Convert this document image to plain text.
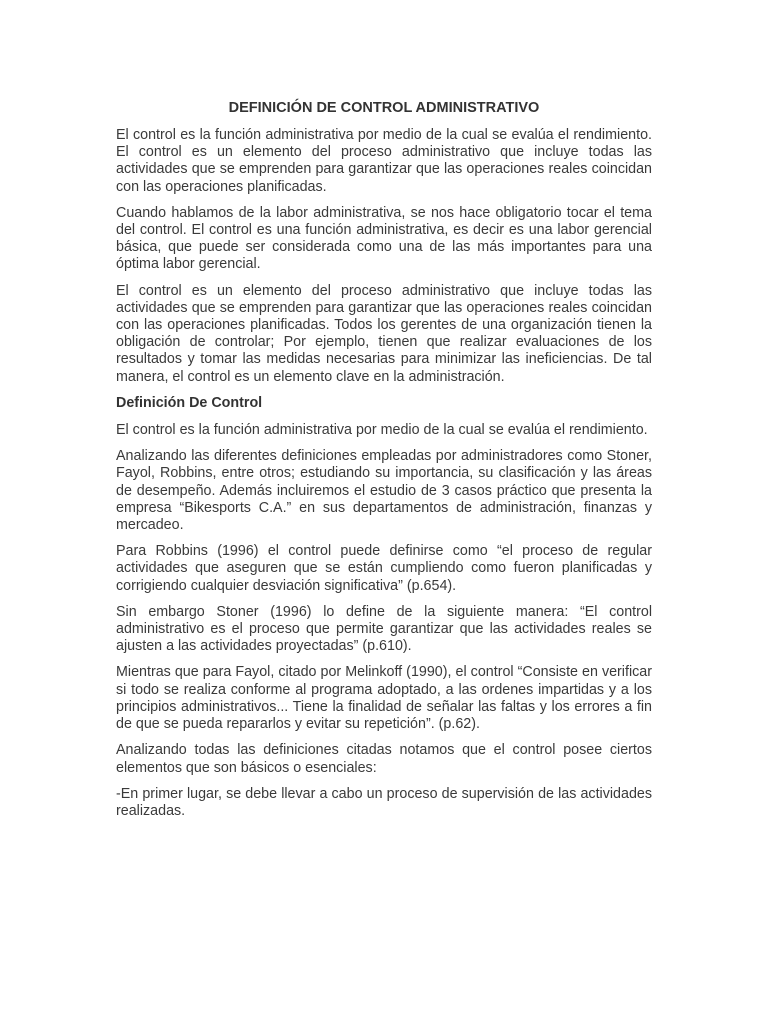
DEFINICIÓN DE CONTROL ADMINISTRATIVO

El control es la función administrativa por medio de la cual se evalúa el rendimiento. El control es un elemento del proceso administrativo que incluye todas las actividades que se emprenden para garantizar que las operaciones reales coincidan con las operaciones planificadas.

Cuando hablamos de la labor administrativa, se nos hace obligatorio tocar el tema del control. El control es una función administrativa, es decir es una labor gerencial básica, que puede ser considerada como una de las más importantes para una óptima labor gerencial.

El control es un elemento del proceso administrativo que incluye todas las actividades que se emprenden para garantizar que las operaciones reales coincidan con las operaciones planificadas. Todos los gerentes de una organización tienen la obligación de controlar; Por ejemplo, tienen que realizar evaluaciones de los resultados y tomar las medidas necesarias para minimizar las ineficiencias. De tal manera, el control es un elemento clave en la administración.

Definición De Control

El control es la función administrativa por medio de la cual se evalúa el rendimiento.

Analizando las diferentes definiciones empleadas por administradores como Stoner, Fayol, Robbins, entre otros; estudiando su importancia, su clasificación y las áreas de desempeño. Además incluiremos el estudio de 3 casos práctico que presenta la empresa “Bikesports C.A.” en sus departamentos de administración, finanzas y mercadeo.

Para Robbins (1996) el control puede definirse como “el proceso de regular actividades que aseguren que se están cumpliendo como fueron planificadas y corrigiendo cualquier desviación significativa” (p.654).

Sin embargo Stoner (1996) lo define de la siguiente manera: “El control administrativo es el proceso que permite garantizar que las actividades reales se ajusten a las actividades proyectadas” (p.610).

Mientras que para Fayol, citado por Melinkoff (1990), el control “Consiste en verificar si todo se realiza conforme al programa adoptado, a las ordenes impartidas y a los principios administrativos... Tiene la finalidad de señalar las faltas y los errores a fin de que se pueda repararlos y evitar su repetición”. (p.62).

Analizando todas las definiciones citadas notamos que el control posee ciertos elementos que son básicos o esenciales:

-En primer lugar, se debe llevar a cabo un proceso de supervisión de las actividades realizadas.
